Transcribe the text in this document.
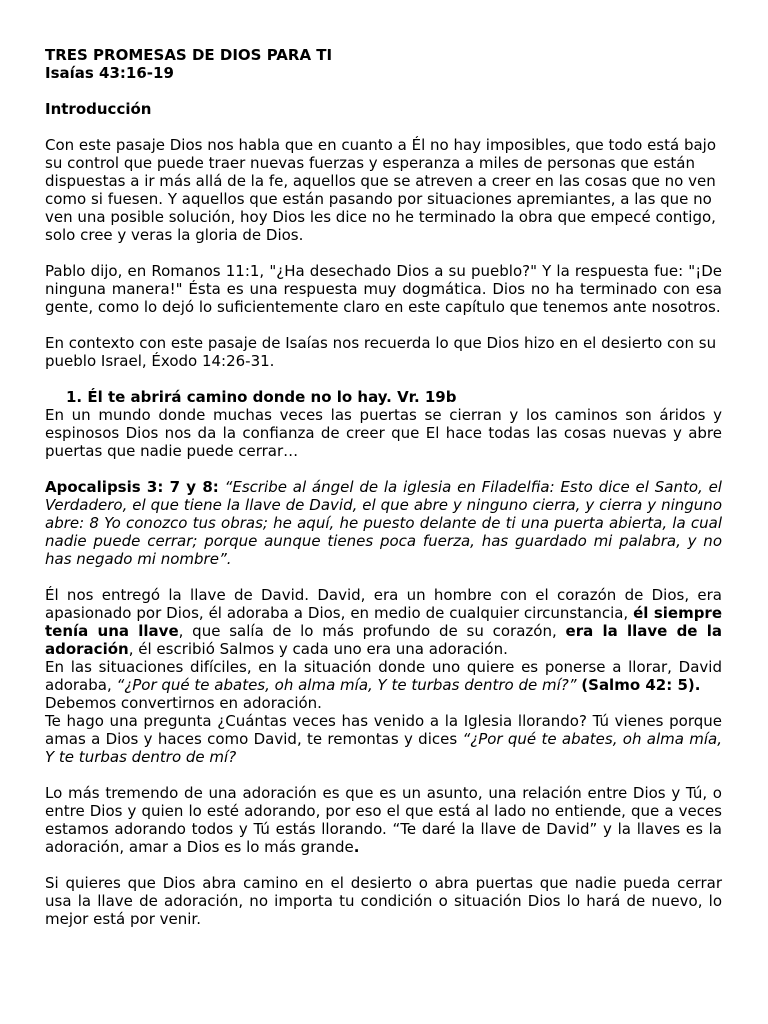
TRES PROMESAS DE DIOS PARA TI

Isaías 43:16-19

Introducción

Con este pasaje Dios nos habla que en cuanto a Él no hay imposibles, que todo está bajo su control que puede traer nuevas fuerzas y esperanza a miles de personas que están dispuestas a ir más allá de la fe, aquellos que se atreven a creer en las cosas que no ven como si fuesen. Y aquellos que están pasando por situaciones apremiantes, a las que no ven una posible solución, hoy Dios les dice no he terminado la obra que empecé contigo, solo cree y veras la gloria de Dios.

Pablo dijo, en Romanos 11:1, "¿Ha desechado Dios a su pueblo?" Y la respuesta fue: "¡De ninguna manera!" Ésta es una respuesta muy dogmática. Dios no ha terminado con esa gente, como lo dejó lo suficientemente claro en este capítulo que tenemos ante nosotros.

En contexto con este pasaje de Isaías nos recuerda lo que Dios hizo en el desierto con su pueblo Israel, Éxodo 14:26-31.

1. Él te abrirá camino donde no lo hay. Vr. 19b

En un mundo donde muchas veces las puertas se cierran y los caminos son áridos y espinosos Dios nos da la confianza de creer que El hace todas las cosas nuevas y abre puertas que nadie puede cerrar…

Apocalipsis 3: 7 y 8: “Escribe al ángel de la iglesia en Filadelfia: Esto dice el Santo, el Verdadero, el que tiene la llave de David, el que abre y ninguno cierra, y cierra y ninguno abre: 8 Yo conozco tus obras; he aquí, he puesto delante de ti una puerta abierta, la cual nadie puede cerrar; porque aunque tienes poca fuerza, has guardado mi palabra, y no has negado mi nombre”.

Él nos entregó la llave de David. David, era un hombre con el corazón de Dios, era apasionado por Dios, él adoraba a Dios, en medio de cualquier circunstancia, él siempre tenía una llave, que salía de lo más profundo de su corazón, era la llave de la adoración, él escribió Salmos y cada uno era una adoración.

En las situaciones difíciles, en la situación donde uno quiere es ponerse a llorar, David adoraba, “¿Por qué te abates, oh alma mía, Y te turbas dentro de mí?” (Salmo 42: 5).

Debemos convertirnos en adoración.

Te hago una pregunta ¿Cuántas veces has venido a la Iglesia llorando? Tú vienes porque amas a Dios y haces como David, te remontas y dices “¿Por qué te abates, oh alma mía, Y te turbas dentro de mí?

Lo más tremendo de una adoración es que es un asunto, una relación entre Dios y Tú, o entre Dios y quien lo esté adorando, por eso el que está al lado no entiende, que a veces estamos adorando todos y Tú estás llorando. “Te daré la llave de David” y la llaves es la adoración, amar a Dios es lo más grande.

Si quieres que Dios abra camino en el desierto o abra puertas que nadie pueda cerrar usa la llave de adoración, no importa tu condición o situación Dios lo hará de nuevo, lo mejor está por venir.
